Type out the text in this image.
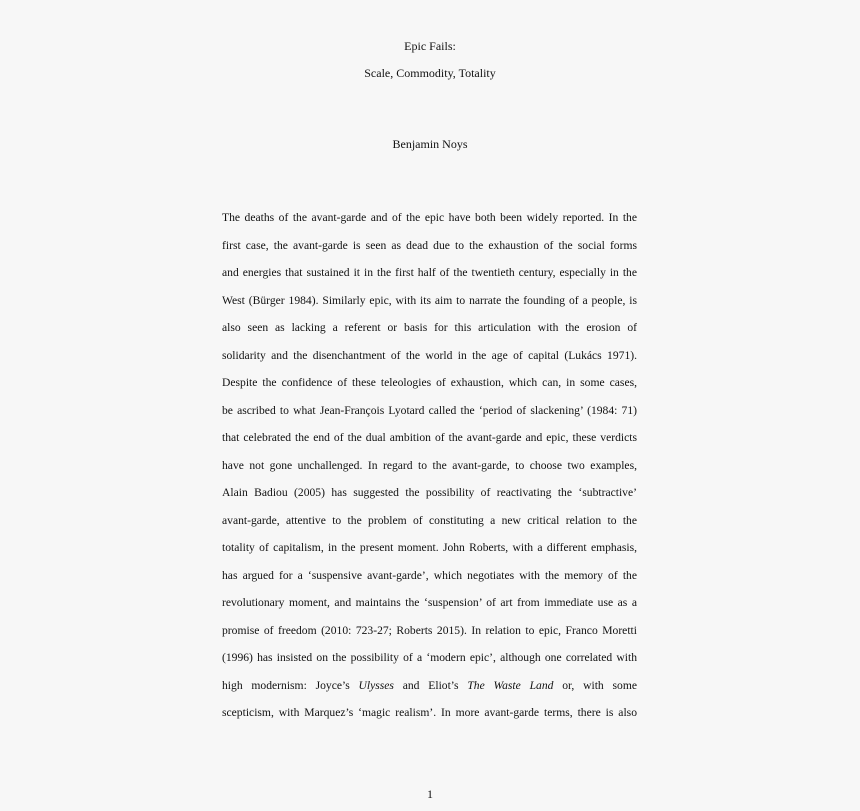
Epic Fails:
Scale, Commodity, Totality
Benjamin Noys
The deaths of the avant-garde and of the epic have both been widely reported. In the
first case, the avant-garde is seen as dead due to the exhaustion of the social forms
and energies that sustained it in the first half of the twentieth century, especially in the
West (Bürger 1984). Similarly epic, with its aim to narrate the founding of a people, is
also seen as lacking a referent or basis for this articulation with the erosion of
solidarity and the disenchantment of the world in the age of capital (Lukács 1971).
Despite the confidence of these teleologies of exhaustion, which can, in some cases,
be ascribed to what Jean-François Lyotard called the ‘period of slackening’ (1984: 71)
that celebrated the end of the dual ambition of the avant-garde and epic, these verdicts
have not gone unchallenged. In regard to the avant-garde, to choose two examples,
Alain Badiou (2005) has suggested the possibility of reactivating the ‘subtractive’
avant-garde, attentive to the problem of constituting a new critical relation to the
totality of capitalism, in the present moment. John Roberts, with a different emphasis,
has argued for a ‘suspensive avant-garde’, which negotiates with the memory of the
revolutionary moment, and maintains the ‘suspension’ of art from immediate use as a
promise of freedom (2010: 723-27; Roberts 2015). In relation to epic, Franco Moretti
(1996) has insisted on the possibility of a ‘modern epic’, although one correlated with
high modernism: Joyce’s Ulysses and Eliot’s The Waste Land or, with some
scepticism, with Marquez’s ‘magic realism’. In more avant-garde terms, there is also
1
